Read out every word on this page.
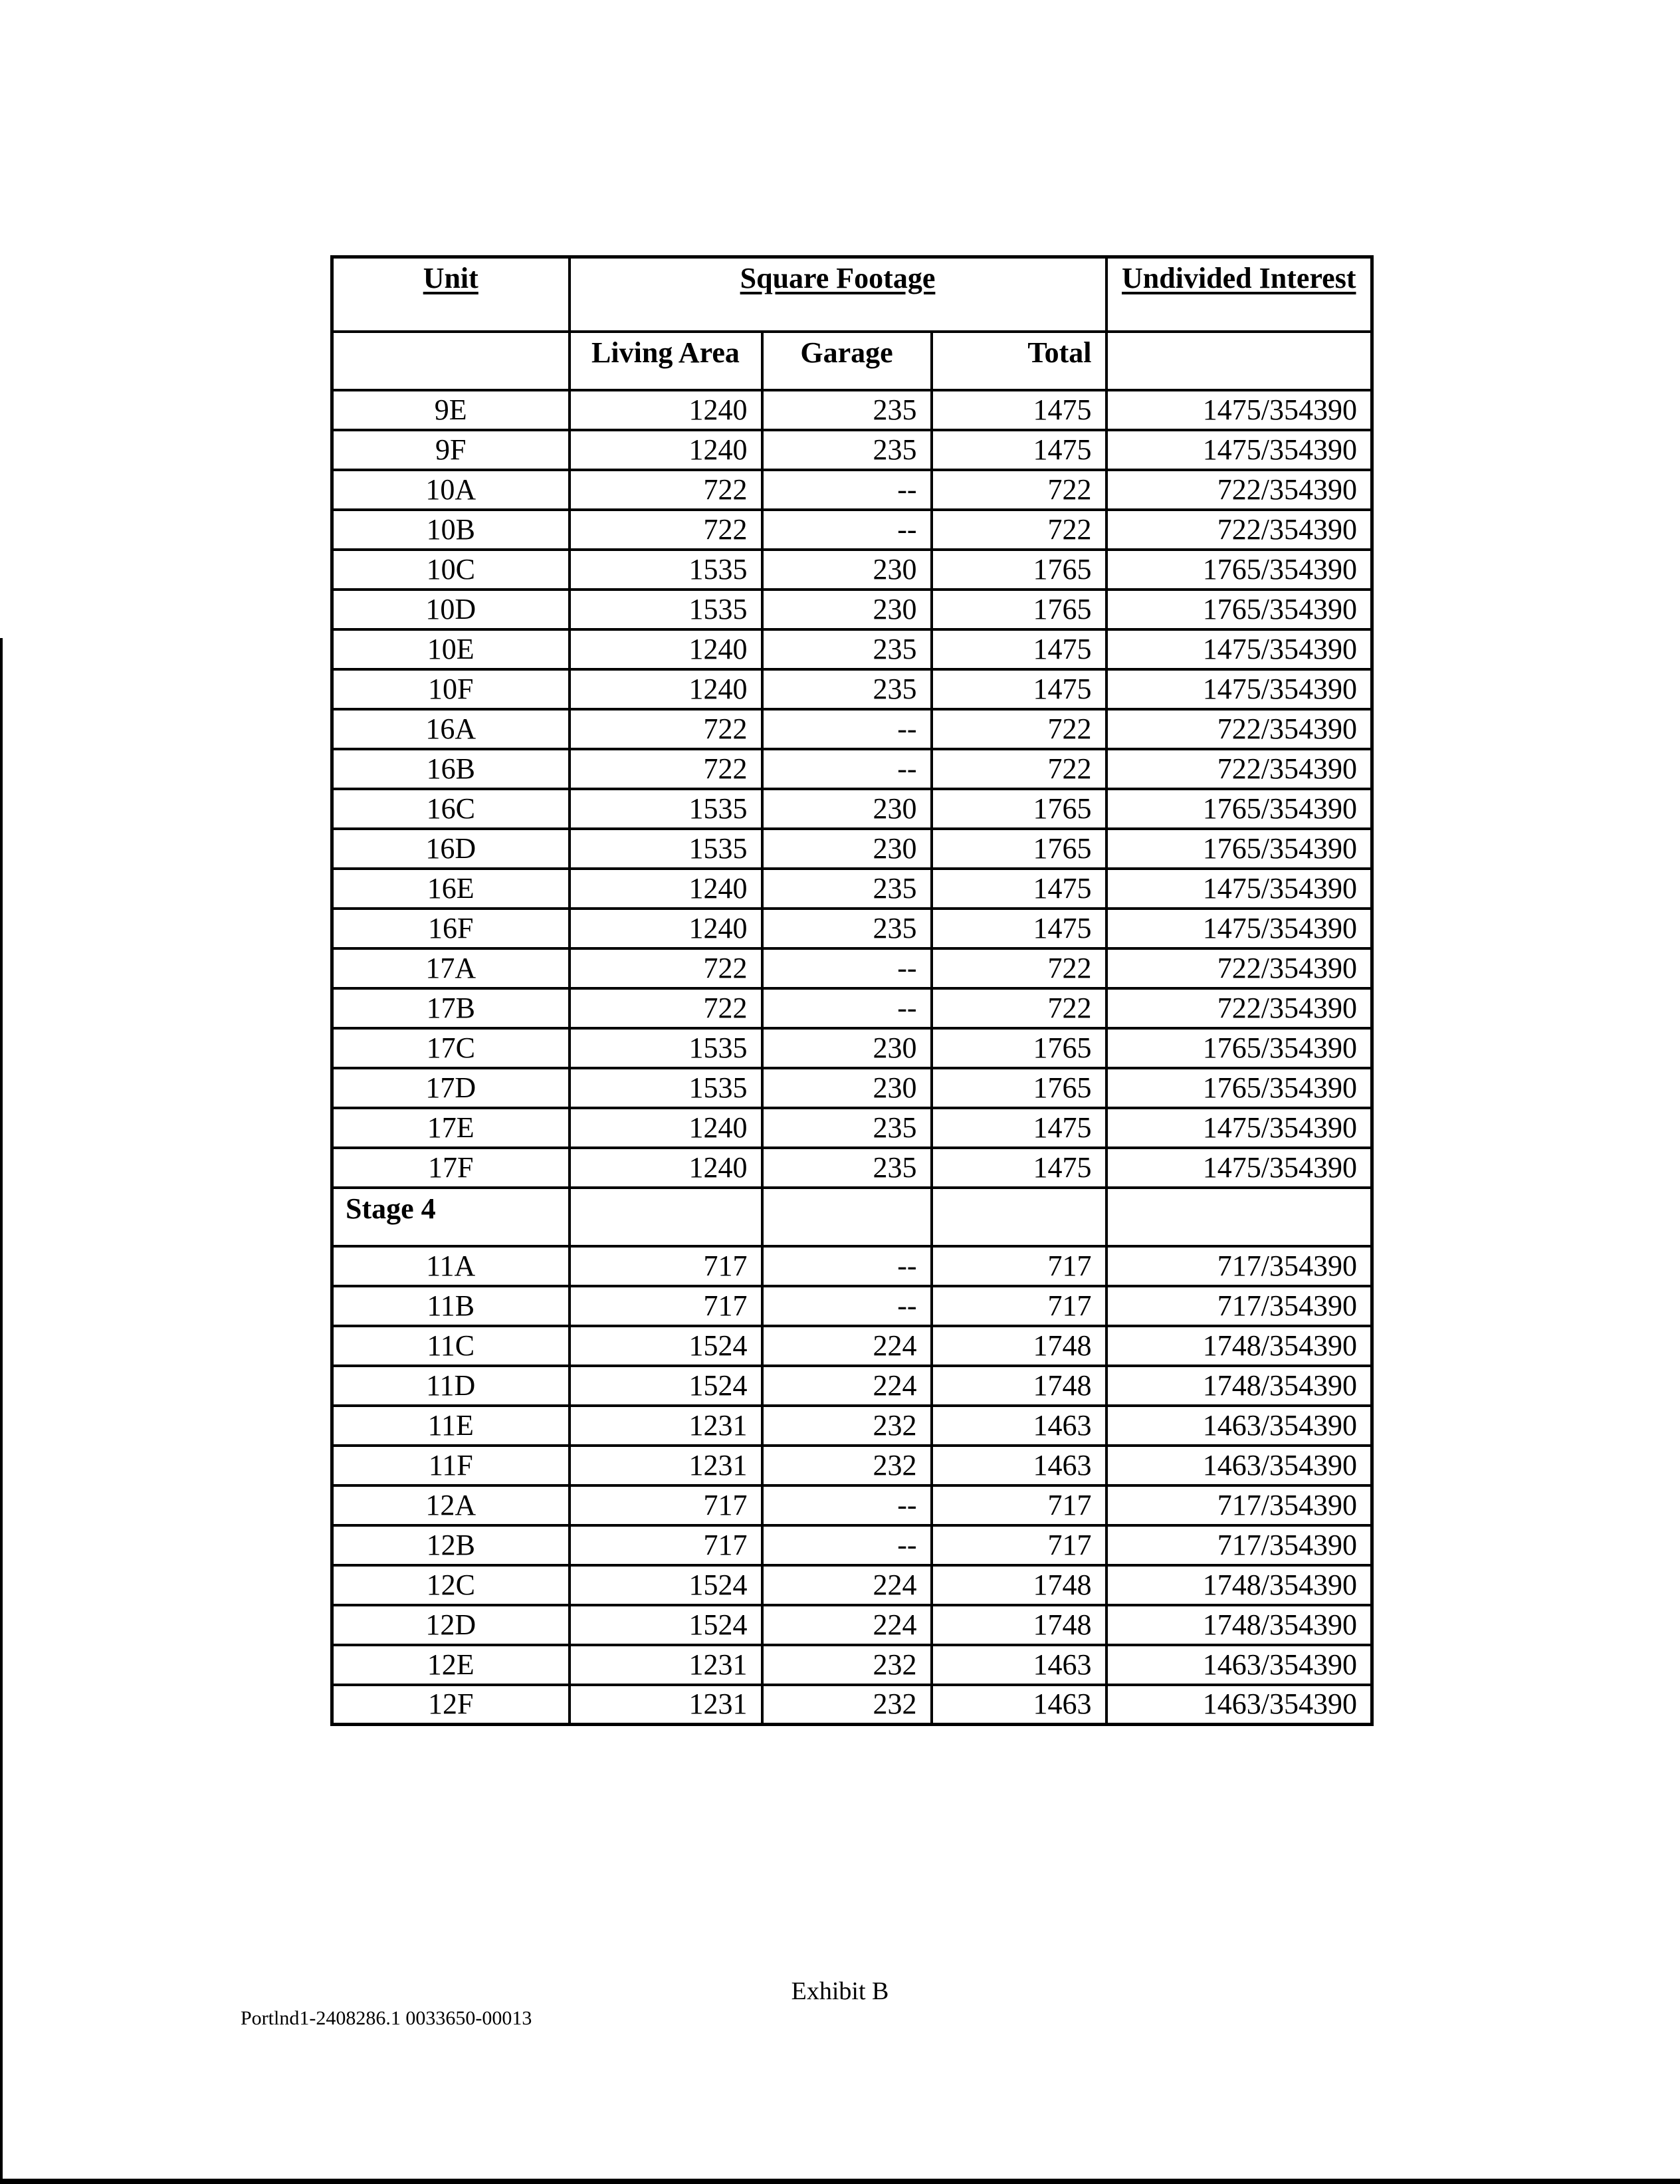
Unit	Square Footage			Undivided Interest
	Living Area	Garage	Total	
9E	1240	235	1475	1475/354390
9F	1240	235	1475	1475/354390
10A	722	--	722	722/354390
10B	722	--	722	722/354390
10C	1535	230	1765	1765/354390
10D	1535	230	1765	1765/354390
10E	1240	235	1475	1475/354390
10F	1240	235	1475	1475/354390
16A	722	--	722	722/354390
16B	722	--	722	722/354390
16C	1535	230	1765	1765/354390
16D	1535	230	1765	1765/354390
16E	1240	235	1475	1475/354390
16F	1240	235	1475	1475/354390
17A	722	--	722	722/354390
17B	722	--	722	722/354390
17C	1535	230	1765	1765/354390
17D	1535	230	1765	1765/354390
17E	1240	235	1475	1475/354390
17F	1240	235	1475	1475/354390
Stage 4				
11A	717	--	717	717/354390
11B	717	--	717	717/354390
11C	1524	224	1748	1748/354390
11D	1524	224	1748	1748/354390
11E	1231	232	1463	1463/354390
11F	1231	232	1463	1463/354390
12A	717	--	717	717/354390
12B	717	--	717	717/354390
12C	1524	224	1748	1748/354390
12D	1524	224	1748	1748/354390
12E	1231	232	1463	1463/354390
12F	1231	232	1463	1463/354390
Exhibit B
Portlnd1-2408286.1 0033650-00013
